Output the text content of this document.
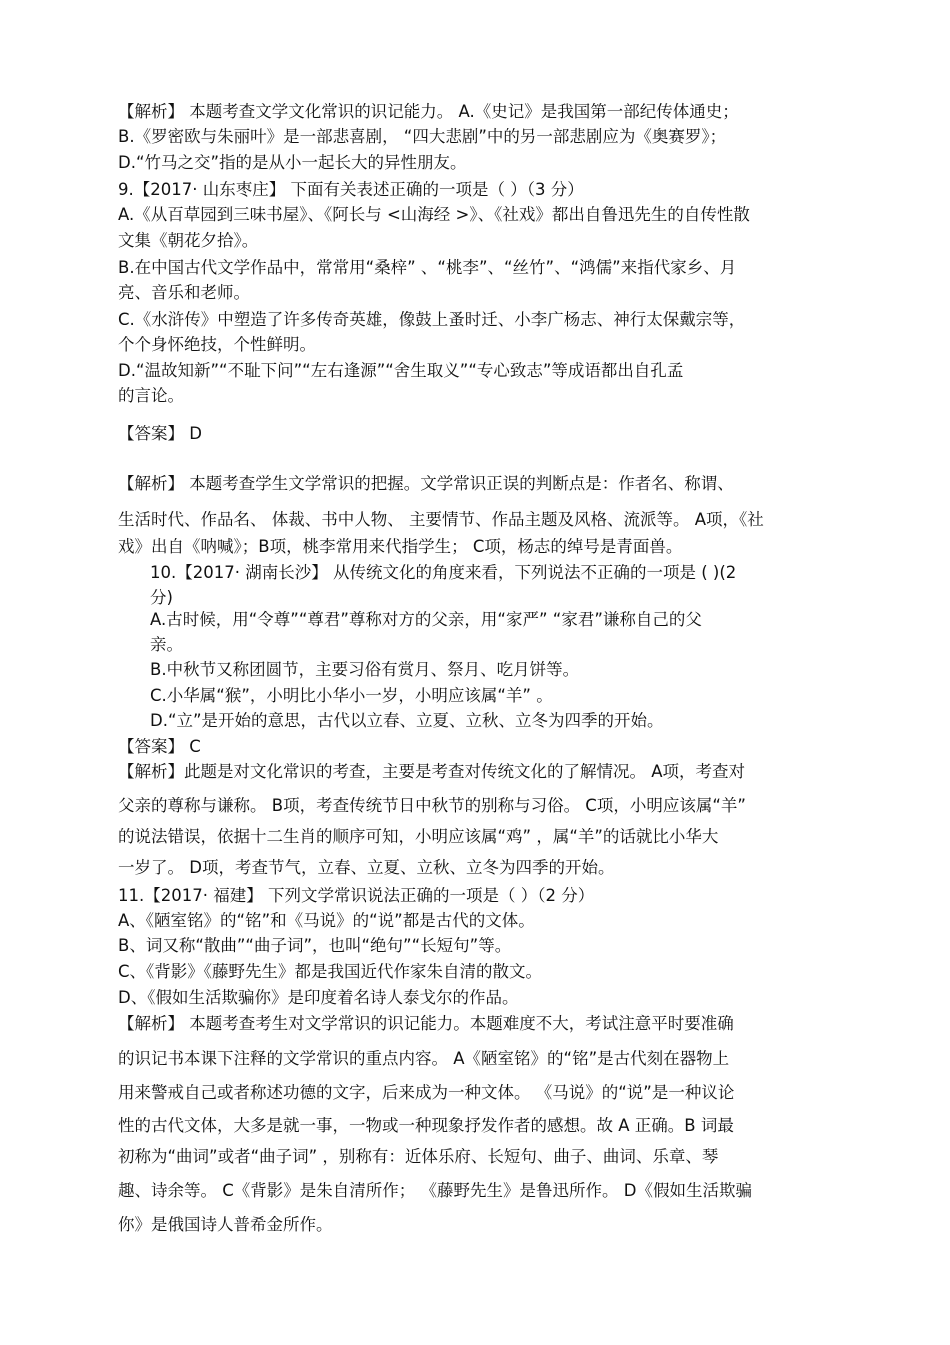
【解析】 本题考查文学文化常识的识记能力。 A.《史记》是我国第一部纪传体通史；
B.《罗密欧与朱丽叶》是一部悲喜剧， “四大悲剧”中的另一部悲剧应为《奥赛罗》；
D.“竹马之交”指的是从小一起长大的异性朋友。
9.【2017· 山东枣庄】 下面有关表述正确的一项是（ ）（3 分）
A.《从百草园到三味书屋》、《阿长与 <山海经 >》、《社戏》都出自鲁迅先生的自传性散
文集《朝花夕拾》。
B.在中国古代文学作品中，常常用“桑梓” 、“桃李”、“丝竹”、“鸿儒”来指代家乡、月
亮、音乐和老师。
C.《水浒传》中塑造了许多传奇英雄，像鼓上蚤时迁、小李广杨志、神行太保戴宗等，
个个身怀绝技，个性鲜明。
D.“温故知新”“不耻下问”“左右逢源”“舍生取义”“专心致志”等成语都出自孔孟
的言论。
【答案】 D
【解析】 本题考查学生文学常识的把握。文学常识正误的判断点是：作者名、称谓、
生活时代、作品名、 体裁、书中人物、 主要情节、作品主题及风格、流派等。 A项，《社
戏》出自《呐喊》；B项，桃李常用来代指学生； C项，杨志的绰号是青面兽。
10.【2017· 湖南长沙】 从传统文化的角度来看，下列说法不正确的一项是 ( )(2
分)
A.古时候，用“令尊”“尊君”尊称对方的父亲，用“家严” “家君”谦称自己的父
亲。
B.中秋节又称团圆节，主要习俗有赏月、祭月、吃月饼等。
C.小华属“猴”，小明比小华小一岁，小明应该属“羊” 。
D.“立”是开始的意思，古代以立春、立夏、立秋、立冬为四季的开始。
【答案】 C
【解析】此题是对文化常识的考查，主要是考查对传统文化的了解情况。 A项，考查对
父亲的尊称与谦称。 B项，考查传统节日中秋节的别称与习俗。 C项，小明应该属“羊”
的说法错误，依据十二生肖的顺序可知，小明应该属“鸡” ，属“羊”的话就比小华大
一岁了。 D项，考查节气，立春、立夏、立秋、立冬为四季的开始。
11.【2017· 福建】 下列文学常识说法正确的一项是（ ）（2 分）
A、《陋室铭》的“铭”和《马说》的“说”都是古代的文体。
B、词又称“散曲”“曲子词”，也叫“绝句”“长短句”等。
C、《背影》《藤野先生》都是我国近代作家朱自清的散文。
D、《假如生活欺骗你》是印度着名诗人泰戈尔的作品。
【解析】 本题考查考生对文学常识的识记能力。本题难度不大，考试注意平时要准确
的识记书本课下注释的文学常识的重点内容。 A《陋室铭》的“铭”是古代刻在器物上
用来警戒自己或者称述功德的文字，后来成为一种文体。 《马说》的“说”是一种议论
性的古代文体，大多是就一事，一物或一种现象抒发作者的感想。故 A 正确。B 词最
初称为“曲词”或者“曲子词” ，别称有：近体乐府、长短句、曲子、曲词、乐章、琴
趣、诗余等。 C《背影》是朱自清所作； 《藤野先生》是鲁迅所作。 D《假如生活欺骗
你》是俄国诗人普希金所作。
